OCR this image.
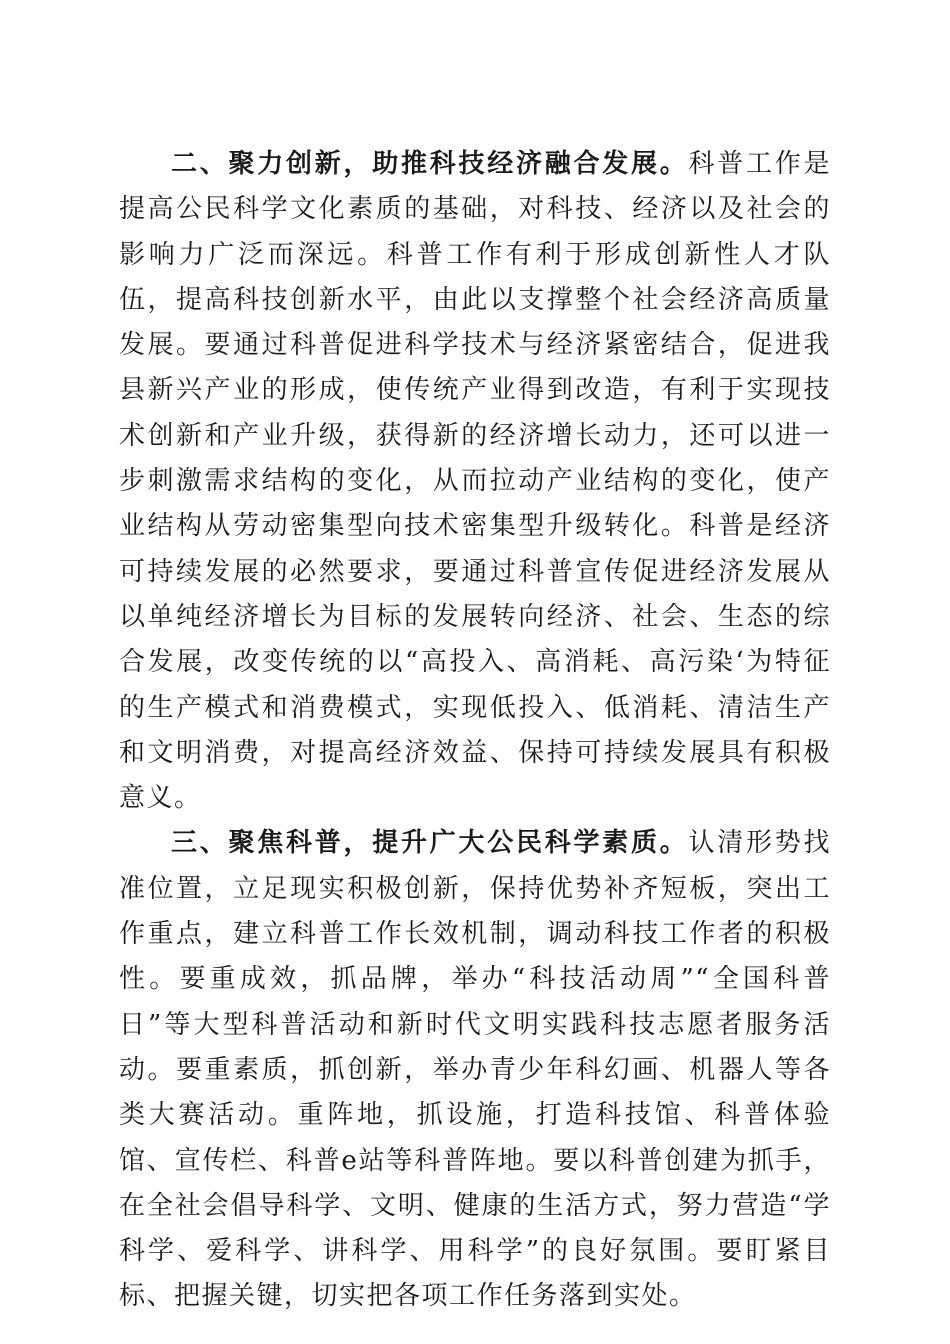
二、聚力创新，助推科技经济融合发展。科普工作是提高公民科学文化素质的基础，对科技、经济以及社会的影响力广泛而深远。科普工作有利于形成创新性人才队伍，提高科技创新水平，由此以支撑整个社会经济高质量发展。要通过科普促进科学技术与经济紧密结合，促进我县新兴产业的形成，使传统产业得到改造，有利于实现技术创新和产业升级，获得新的经济增长动力，还可以进一步刺激需求结构的变化，从而拉动产业结构的变化，使产业结构从劳动密集型向技术密集型升级转化。科普是经济可持续发展的必然要求，要通过科普宣传促进经济发展从以单纯经济增长为目标的发展转向经济、社会、生态的综合发展，改变传统的以“高投入、高消耗、高污染‘为特征的生产模式和消费模式，实现低投入、低消耗、清洁生产和文明消费，对提高经济效益、保持可持续发展具有积极意义。

三、聚焦科普，提升广大公民科学素质。认清形势找准位置，立足现实积极创新，保持优势补齐短板，突出工作重点，建立科普工作长效机制，调动科技工作者的积极性。要重成效，抓品牌，举办“科技活动周”“全国科普日”等大型科普活动和新时代文明实践科技志愿者服务活动。要重素质，抓创新，举办青少年科幻画、机器人等各类大赛活动。重阵地，抓设施，打造科技馆、科普体验馆、宣传栏、科普e站等科普阵地。要以科普创建为抓手，在全社会倡导科学、文明、健康的生活方式，努力营造“学科学、爱科学、讲科学、用科学”的良好氛围。要盯紧目标、把握关键，切实把各项工作任务落到实处。
